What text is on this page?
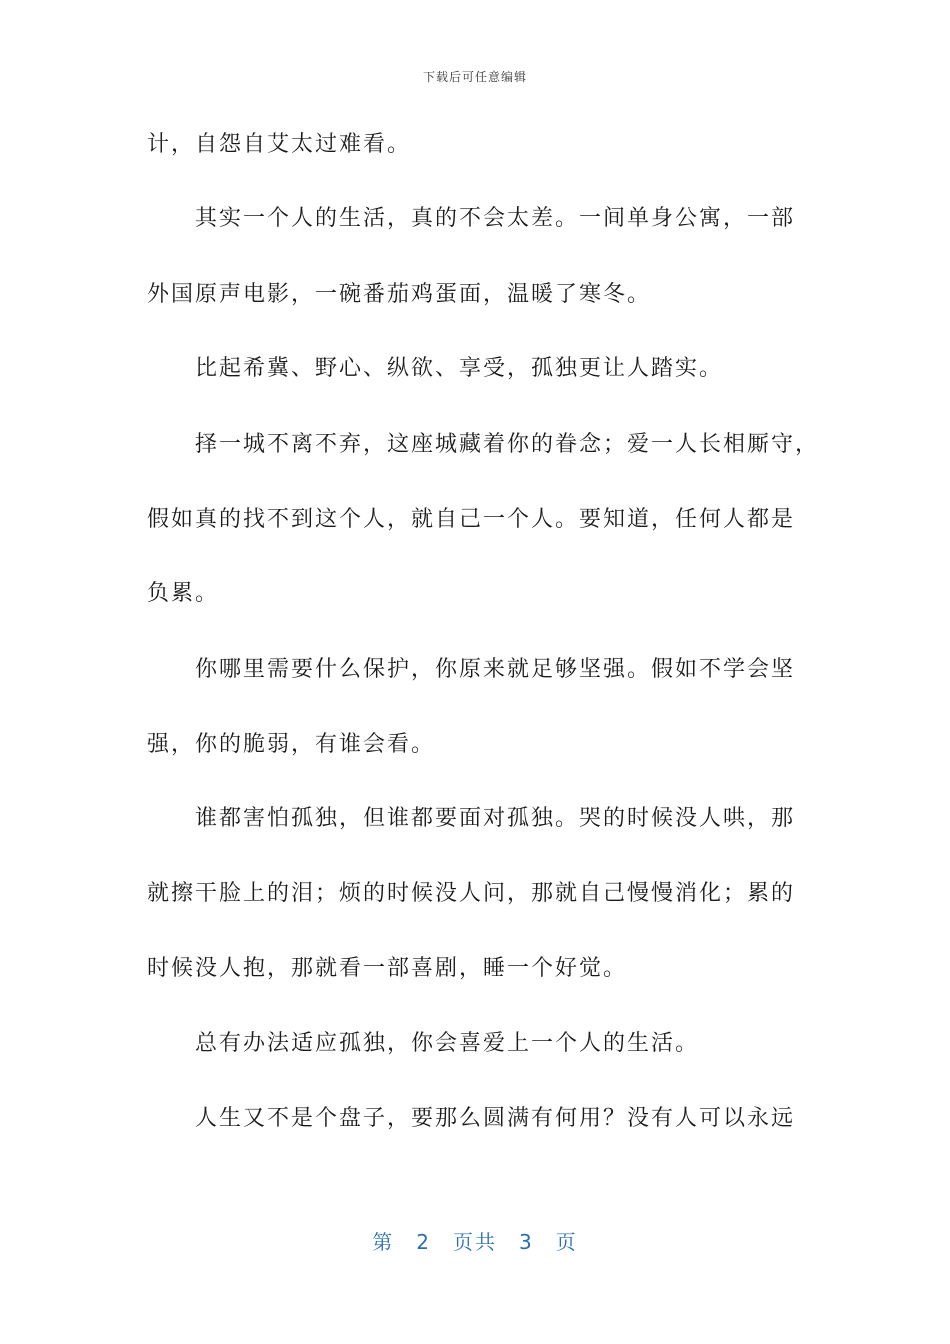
下载后可任意编辑
计，自怨自艾太过难看。
　　其实一个人的生活，真的不会太差。一间单身公寓，一部
外国原声电影，一碗番茄鸡蛋面，温暖了寒冬。
　　比起希冀、野心、纵欲、享受，孤独更让人踏实。
　　择一城不离不弃，这座城藏着你的眷念；爱一人长相厮守，
假如真的找不到这个人，就自己一个人。要知道，任何人都是
负累。
　　你哪里需要什么保护，你原来就足够坚强。假如不学会坚
强，你的脆弱，有谁会看。
　　谁都害怕孤独，但谁都要面对孤独。哭的时候没人哄，那
就擦干脸上的泪；烦的时候没人问，那就自己慢慢消化；累的
时候没人抱，那就看一部喜剧，睡一个好觉。
　　总有办法适应孤独，你会喜爱上一个人的生活。
　　人生又不是个盘子，要那么圆满有何用？没有人可以永远
第 2 页共 3 页
